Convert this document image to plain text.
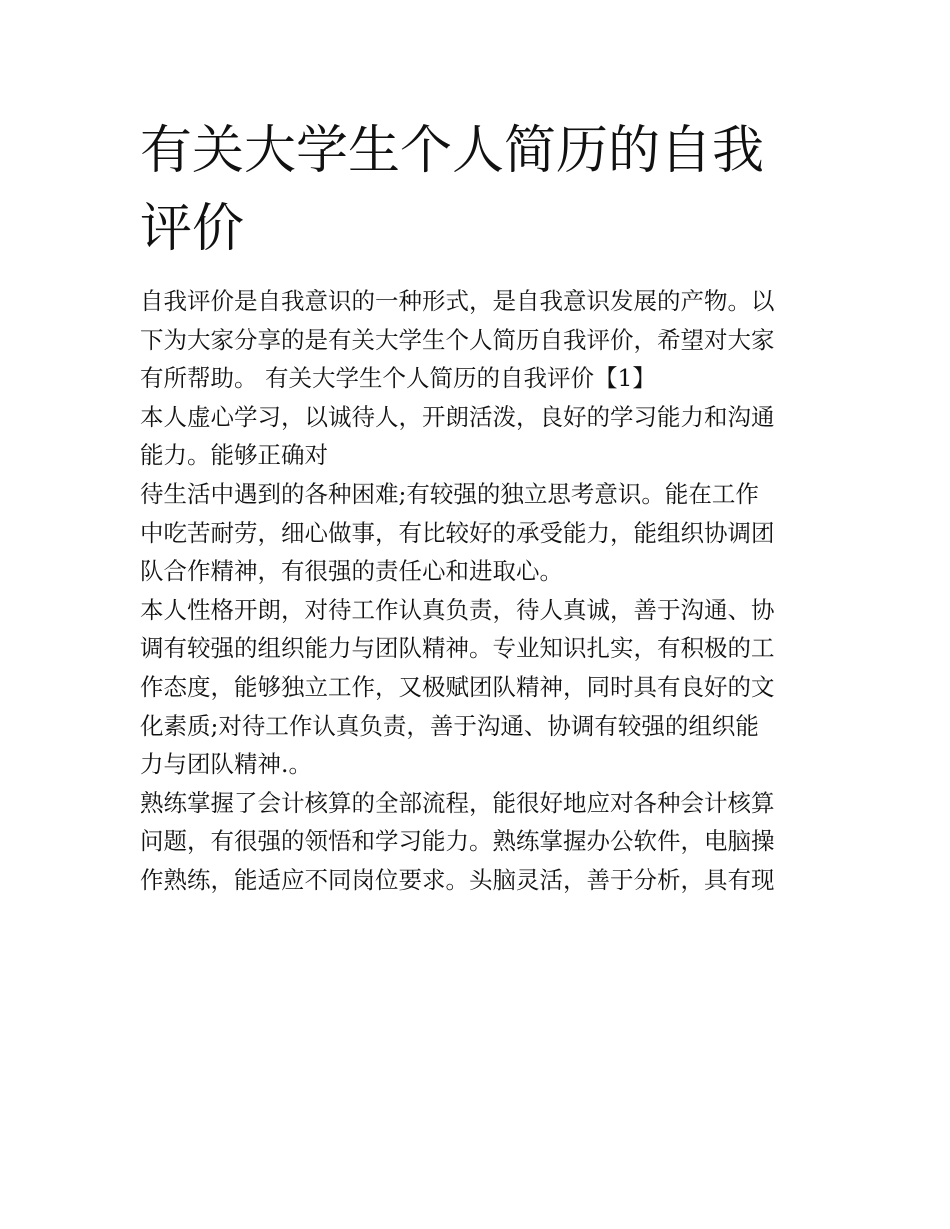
有关大学生个人简历的自我评价

自我评价是自我意识的一种形式，是自我意识发展的产物。以
下为大家分享的是有关大学生个人简历自我评价，希望对大家
有所帮助。 有关大学生个人简历的自我评价【1】

本人虚心学习，以诚待人，开朗活泼，良好的学习能力和沟通
能力。能够正确对

待生活中遇到的各种困难;有较强的独立思考意识。能在工作
中吃苦耐劳，细心做事，有比较好的承受能力，能组织协调团
队合作精神，有很强的责任心和进取心。

本人性格开朗，对待工作认真负责，待人真诚，善于沟通、协
调有较强的组织能力与团队精神。专业知识扎实，有积极的工
作态度，能够独立工作，又极赋团队精神，同时具有良好的文
化素质;对待工作认真负责，善于沟通、协调有较强的组织能
力与团队精神.。

熟练掌握了会计核算的全部流程，能很好地应对各种会计核算
问题，有很强的领悟和学习能力。熟练掌握办公软件，电脑操
作熟练，能适应不同岗位要求。头脑灵活，善于分析，具有现
